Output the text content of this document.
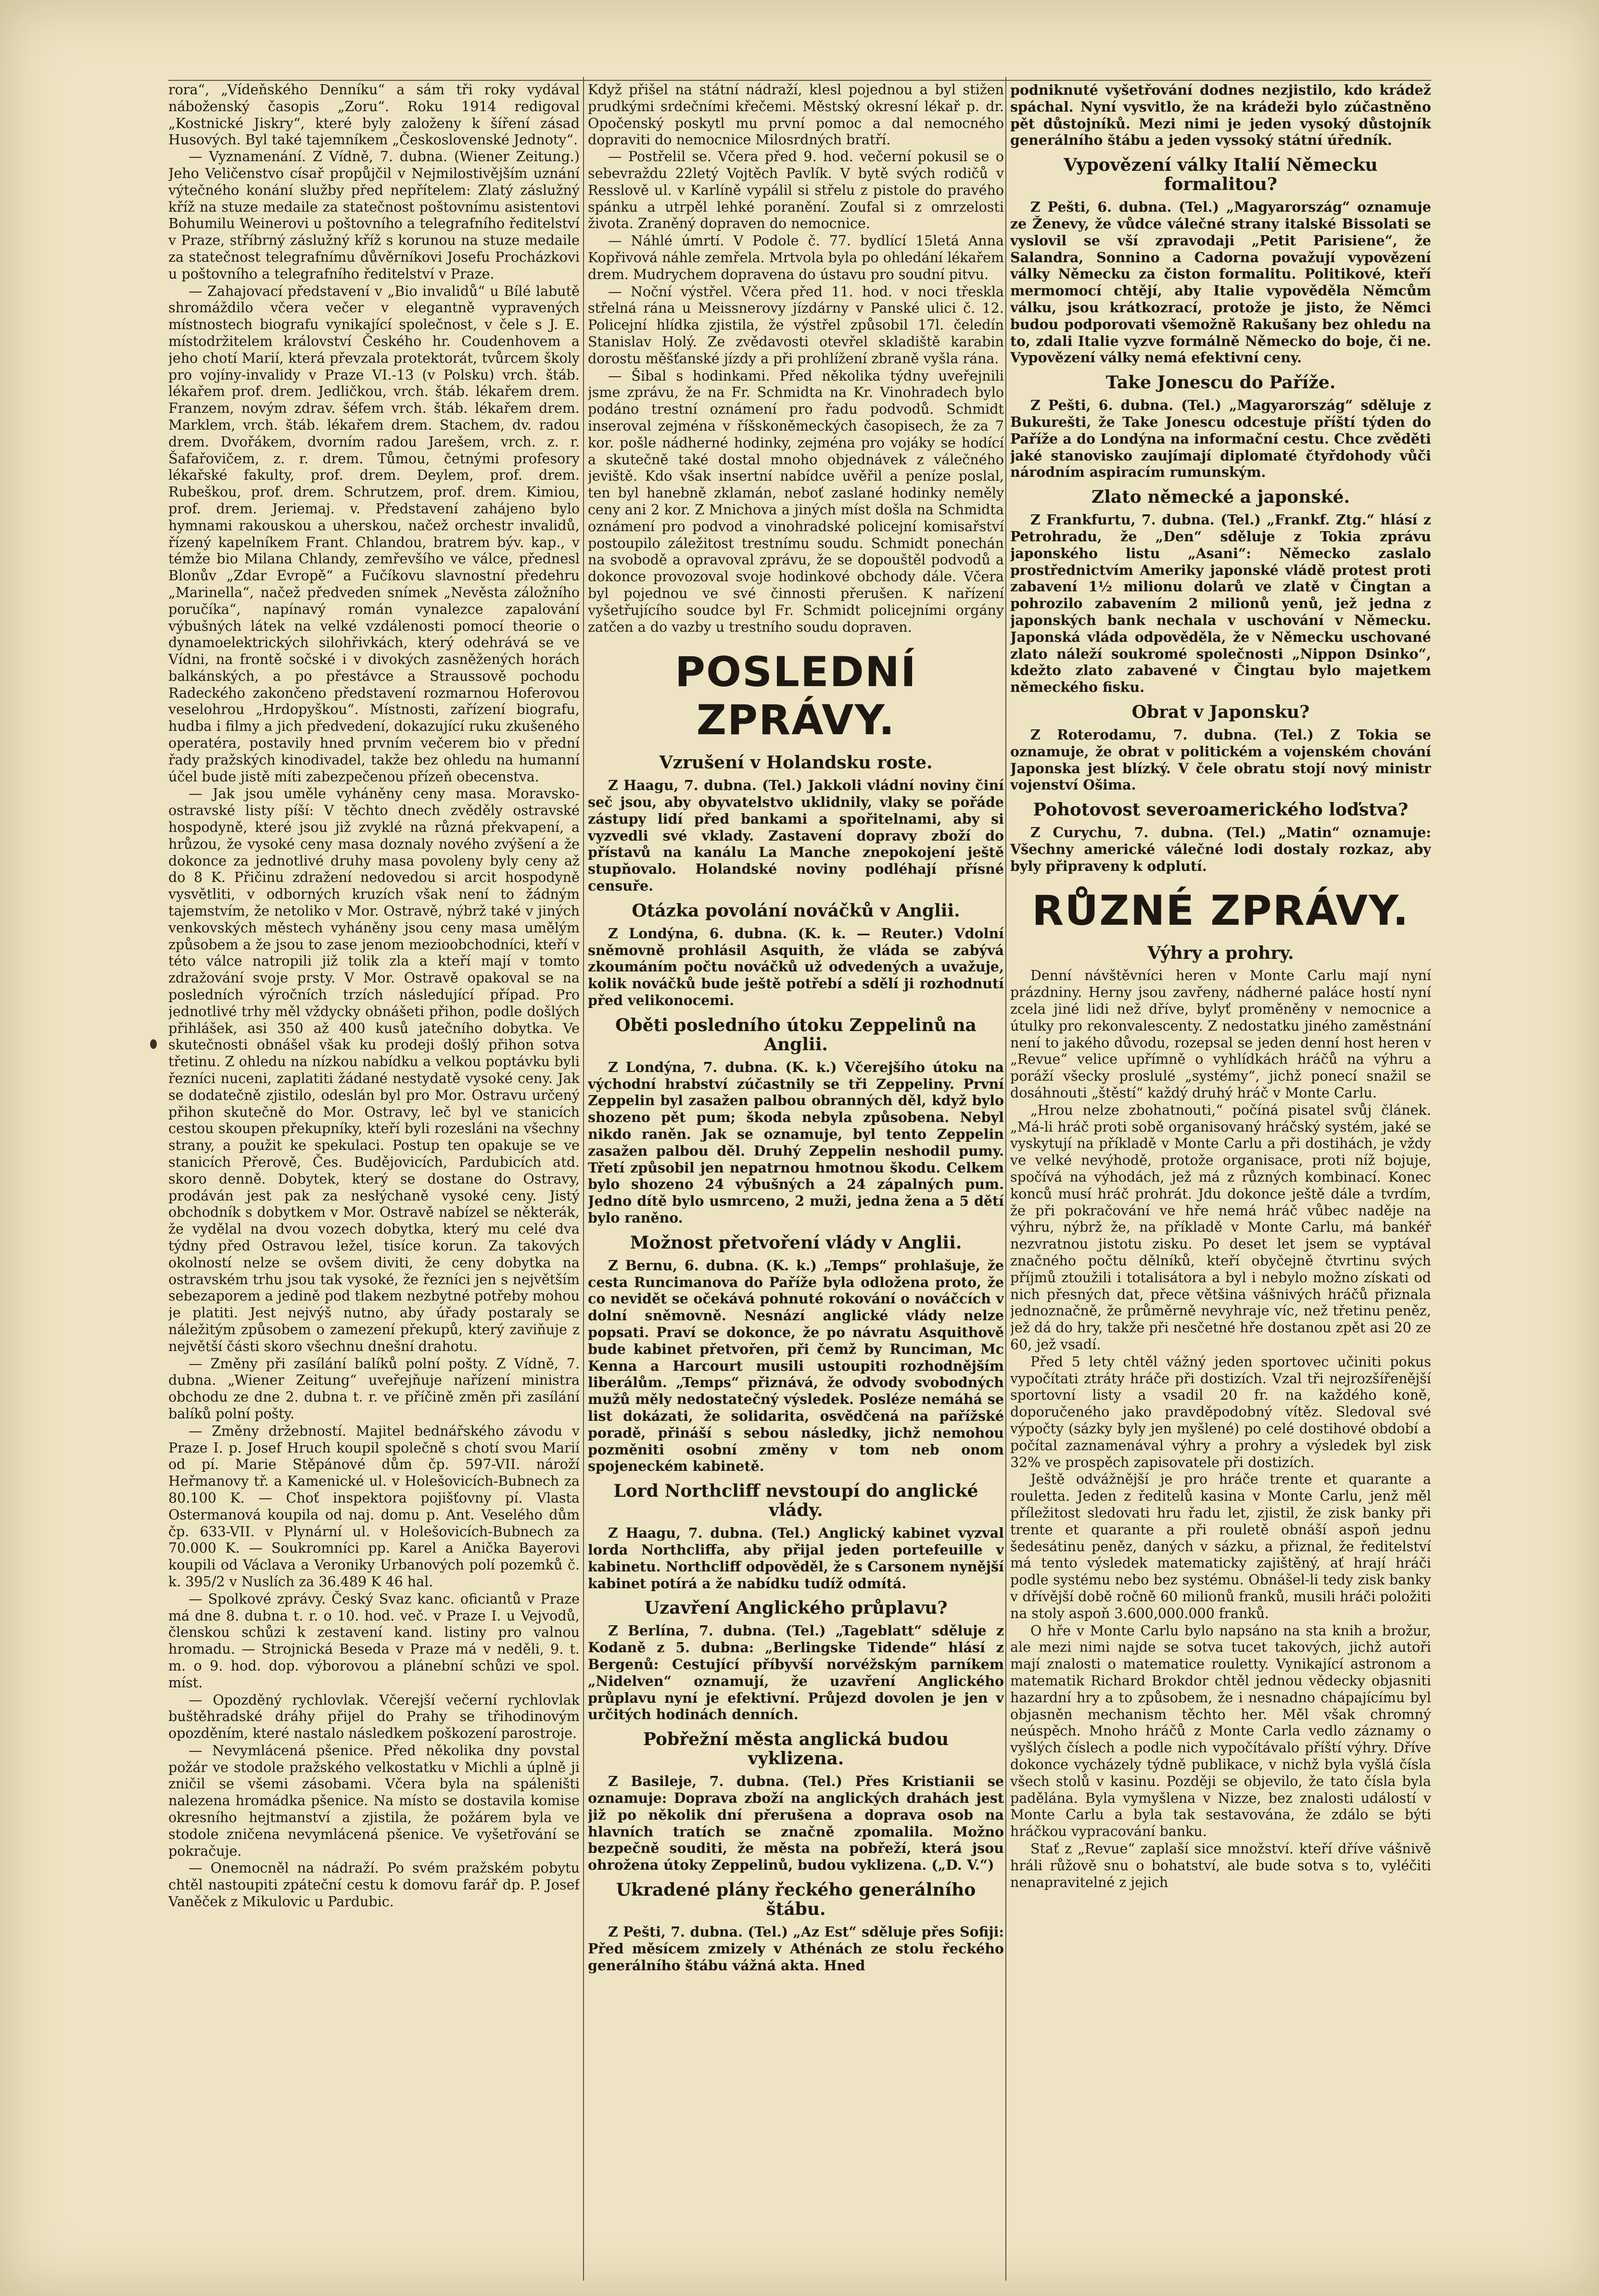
rora“, „Vídeňského Denníku“ a sám tři roky vydával náboženský časopis „Zoru“. Roku 1914 redigoval „Kostnické Jiskry“, které byly založeny k šíření zásad Husových. Byl také tajemníkem „Československé Jednoty“.

— Vyznamenání. Z Vídně, 7. dubna. (Wiener Zeitung.) Jeho Veličenstvo císař propůjčil v Nejmilostivějším uznání výtečného konání služby před nepřítelem: Zlatý záslužný kříž na stuze medaile za statečnost poštovnímu asistentovi Bohumilu Weinerovi u poštovního a telegrafního ředitelství v Praze, stříbrný záslužný kříž s korunou na stuze medaile za statečnost telegrafnímu důvěrníkovi Josefu Procházkovi u poštovního a telegrafního ředitelství v Praze.

— Zahajovací představení v „Bio invalidů“ u Bílé labutě shromáždilo včera večer v elegantně vypravených místnostech biografu vynikající společnost, v čele s J. E. místodržitelem království Českého hr. Coudenhovem a jeho chotí Marií, která převzala protektorát, tvůrcem školy pro vojíny-invalidy v Praze VI.-13 (v Polsku) vrch. štáb. lékařem prof. drem. Jedličkou, vrch. štáb. lékařem drem. Franzem, novým zdrav. šéfem vrch. štáb. lékařem drem. Marklem, vrch. štáb. lékařem drem. Stachem, dv. radou drem. Dvořákem, dvorním radou Jarešem, vrch. z. r. Šafařovičem, z. r. drem. Tůmou, četnými profesory lékařské fakulty, prof. drem. Deylem, prof. drem. Rubeškou, prof. drem. Schrutzem, prof. drem. Kimiou, prof. drem. Jeriemaj. v. Představení zahájeno bylo hymnami rakouskou a uherskou, načež orchestr invalidů, řízený kapelníkem Frant. Chlandou, bratrem býv. kap., v témže bio Milana Chlandy, zemřevšího ve válce, přednesl Blonův „Zdar Evropě“ a Fučíkovu slavnostní předehru „Marinella“, načež předveden snímek „Nevěsta záložního poručíka“, napínavý román vynalezce zapalování výbušných látek na velké vzdálenosti pomocí theorie o dynamoelektrických silohřivkách, který odehrává se ve Vídni, na frontě sočské i v divokých zasněžených horách balkánských, a po přestávce a Straussově pochodu Radeckého zakončeno představení rozmarnou Hoferovou veselohrou „Hrdopyškou“. Místnosti, zařízení biografu, hudba i filmy a jich předvedení, dokazující ruku zkušeného operatéra, postavily hned prvním večerem bio v přední řady pražských kinodivadel, takže bez ohledu na humanní účel bude jistě míti zabezpečenou přízeň obecenstva.

— Jak jsou uměle vyháněny ceny masa. Moravsko-ostravské listy píší: V těchto dnech zvěděly ostravské hospodyně, které jsou již zvyklé na různá překvapení, a hrůzou, že vysoké ceny masa doznaly nového zvýšení a že dokonce za jednotlivé druhy masa povoleny byly ceny až do 8 K. Přičinu zdražení nedovedou si arcit hospodyně vysvětliti, v odborných kruzích však není to žádným tajemstvím, že netoliko v Mor. Ostravě, nýbrž také v jiných venkovských městech vyháněny jsou ceny masa umělým způsobem a že jsou to zase jenom mezioobchodníci, kteří v této válce natropili již tolik zla a kteří mají v tomto zdražování svoje prsty. V Mor. Ostravě opakoval se na posledních výročních trzích následující případ. Pro jednotlivé trhy měl vždycky obnášeti přihon, podle došlých přihlášek, asi 350 až 400 kusů jatečního dobytka. Ve skutečnosti obnášel však ku prodeji došlý přihon sotva třetinu. Z ohledu na nízkou nabídku a velkou poptávku byli řezníci nuceni, zaplatiti žádané nestydatě vysoké ceny. Jak se dodatečně zjistilo, odeslán byl pro Mor. Ostravu určený přihon skutečně do Mor. Ostravy, leč byl ve stanicích cestou skoupen překupníky, kteří byli rozesláni na všechny strany, a použit ke spekulaci. Postup ten opakuje se ve stanicích Přerově, Čes. Budějovicích, Pardubicích atd. skoro denně. Dobytek, který se dostane do Ostravy, prodáván jest pak za nesłýchaně vysoké ceny. Jistý obchodník s dobytkem v Mor. Ostravě nabízel se některák, že vydělal na dvou vozech dobytka, který mu celé dva týdny před Ostravou ležel, tisíce korun. Za takových okolností nelze se ovšem diviti, že ceny dobytka na ostravském trhu jsou tak vysoké, že řezníci jen s největším sebezaporem a jedině pod tlakem nezbytné potřeby mohou je platiti. Jest nejvýš nutno, aby úřady postaraly se náležitým způsobem o zamezení překupů, který zaviňuje z největší části skoro všechnu dnešní drahotu.

— Změny při zasílání balíků polní pošty. Z Vídně, 7. dubna. „Wiener Zeitung“ uveřejňuje nařízení ministra obchodu ze dne 2. dubna t. r. ve příčině změn při zasílání balíků polní pošty.

— Změny držebností. Majitel bednářského závodu v Praze I. p. Josef Hruch koupil společně s chotí svou Marií od pí. Marie Stěpánové dům čp. 597-VII. nároží Heřmanovy tř. a Kamenické ul. v Holešovicích-Bubnech za 80.100 K. — Choť inspektora pojišťovny pí. Vlasta Ostermanová koupila od naj. domu p. Ant. Veselého dům čp. 633-VII. v Plynární ul. v Holešovicích-Bubnech za 70.000 K. — Soukromníci pp. Karel a Anička Bayerovi koupili od Václava a Veroniky Urbanových polí pozemků č. k. 395/2 v Nuslích za 36.489 K 46 hal.

— Spolkové zprávy. Český Svaz kanc. oficiantů v Praze má dne 8. dubna t. r. o 10. hod. več. v Praze I. u Vejvodů, členskou schůzi k zestavení kand. listiny pro valnou hromadu. — Strojnická Beseda v Praze má v neděli, 9. t. m. o 9. hod. dop. výborovou a plánební schůzi ve spol. míst.

— Opozděný rychlovlak. Včerejší večerní rychlovlak buštěhradské dráhy přijel do Prahy se třihodinovým opozděním, které nastalo následkem poškození parostroje.

— Nevymlácená pšenice. Před několika dny povstal požár ve stodole pražského velkostatku v Michli a úplně ji zničil se všemi zásobami. Včera byla na spáleništi nalezena hromádka pšenice. Na místo se dostavila komise okresního hejtmanství a zjistila, že požárem byla ve stodole zničena nevymlácená pšenice. Ve vyšetřování se pokračuje.

— Onemocněl na nádraží. Po svém pražském pobytu chtěl nastoupiti zpáteční cestu k domovu farář dp. P. Josef Vaněček z Mikulovic u Pardubic.

Když přišel na státní nádraží, klesl pojednou a byl stižen prudkými srdečními křečemi. Městský okresní lékař p. dr. Opočenský poskytl mu první pomoc a dal nemocného dopraviti do nemocnice Milosrdných bratří.

— Postřelil se. Včera před 9. hod. večerní pokusil se o sebevraždu 22letý Vojtěch Pavlík. V bytě svých rodičů v Resslově ul. v Karlíně vypálil si střelu z pistole do pravého spánku a utrpěl lehké poranění. Zoufal si z omrzelosti života. Zraněný dopraven do nemocnice.

— Náhlé úmrtí. V Podole č. 77. bydlící 15letá Anna Kopřivová náhle zemřela. Mrtvola byla po ohledání lékařem drem. Mudrychem dopravena do ústavu pro soudní pitvu.

— Noční výstřel. Včera před 11. hod. v noci třeskla střelná rána u Meissnerovy jízdárny v Panské ulici č. 12. Policejní hlídka zjistila, že výstřel způsobil 17l. čeledín Stanislav Holý. Ze zvědavosti otevřel skladiště karabin dorostu měšťanské jízdy a při prohlížení zbraně vyšla rána.

— Šibal s hodinkami. Před několika týdny uveřejnili jsme zprávu, že na Fr. Schmidta na Kr. Vinohradech bylo podáno trestní oznámení pro řadu podvodů. Schmidt inseroval zejména v říšskoněmeckých časopisech, že za 7 kor. pošle nádherné hodinky, zejména pro vojáky se hodící a skutečně také dostal mnoho objednávek z válečného jeviště. Kdo však insertní nabídce uvěřil a peníze poslal, ten byl hanebně zklamán, neboť zaslané hodinky neměly ceny ani 2 kor. Z Mnichova a jiných míst došla na Schmidta oznámení pro podvod a vinohradské policejní komisařství postoupilo záležitost trestnímu soudu. Schmidt ponechán na svobodě a opravoval zprávu, že se dopouštěl podvodů a dokonce provozoval svoje hodinkové obchody dále. Včera byl pojednou ve své činnosti přerušen. K nařízení vyšetřujícího soudce byl Fr. Schmidt policejními orgány zatčen a do vazby u trestního soudu dopraven.

POSLEDNÍ ZPRÁVY.
Vzrušení v Holandsku roste.

Z Haagu, 7. dubna. (Tel.) Jakkoli vládní noviny činí seč jsou, aby obyvatelstvo uklidnily, vlaky se pořáde zástupy lidí před bankami a spořitelnami, aby si vyzvedli své vklady. Zastavení dopravy zboží do přístavů na kanálu La Manche znepokojení ještě stupňovalo. Holandské noviny podléhají přísné censuře.

Otázka povolání nováčků v Anglii.

Z Londýna, 6. dubna. (K. k. — Reuter.) Vdolní sněmovně prohlásil Asquith, že vláda se zabývá zkoumáním počtu nováčků už odvedených a uvažuje, kolik nováčků bude ještě potřebí a sdělí ji rozhodnutí před velikonocemi.

Oběti posledního útoku Zeppelinů na Anglii.

Z Londýna, 7. dubna. (K. k.) Včerejšího útoku na východní hrabství zúčastnily se tři Zeppeliny. První Zeppelin byl zasažen palbou obranných děl, když bylo shozeno pět pum; škoda nebyla způsobena. Nebyl nikdo raněn. Jak se oznamuje, byl tento Zeppelin zasažen palbou děl. Druhý Zeppelin neshodil pumy. Třetí způsobil jen nepatrnou hmotnou škodu. Celkem bylo shozeno 24 výbušných a 24 zápalných pum. Jedno dítě bylo usmrceno, 2 muži, jedna žena a 5 dětí bylo raněno.

Možnost přetvoření vlády v Anglii.

Z Bernu, 6. dubna. (K. k.) „Temps“ prohlašuje, že cesta Runcimanova do Paříže byla odložena proto, že co nevidět se očekává pohnuté rokování o nováčcích v dolní sněmovně. Nesnází anglické vlády nelze popsati. Praví se dokonce, že po návratu Asquithově bude kabinet přetvořen, při čemž by Runciman, Mc Kenna a Harcourt musili ustoupiti rozhodnějším liberálům. „Temps“ přiznává, že odvody svobodných mužů měly nedostatečný výsledek. Posléze nemáhá se list dokázati, že solidarita, osvědčená na pařížské poradě, přináší s sebou následky, jichž nemohou pozměniti osobní změny v tom neb onom spojeneckém kabinetě.

Lord Northcliff nevstoupí do anglické vlády.

Z Haagu, 7. dubna. (Tel.) Anglický kabinet vyzval lorda Northcliffa, aby přijal jeden portefeuille v kabinetu. Northcliff odpověděl, že s Carsonem nynější kabinet potírá a že nabídku tudíž odmítá.

Uzavření Anglického průplavu?

Z Berlína, 7. dubna. (Tel.) „Tageblatt“ sděluje z Kodaně z 5. dubna: „Berlingske Tidende“ hlásí z Bergenů: Cestující příbyvší norvéžským parníkem „Nidelven“ oznamují, že uzavření Anglického průplavu nyní je efektivní. Průjezd dovolen je jen v určitých hodinách denních.

Pobřežní města anglická budou vyklizena.

Z Basileje, 7. dubna. (Tel.) Přes Kristianii se oznamuje: Doprava zboží na anglických drahách jest již po několik dní přerušena a doprava osob na hlavních tratích se značně zpomalila. Možno bezpečně souditi, že města na pobřeží, která jsou ohrožena útoky Zeppelinů, budou vyklizena. („D. V.“)

Ukradené plány řeckého generálního štábu.

Z Pešti, 7. dubna. (Tel.) „Az Est“ sděluje přes Sofiji: Před měsícem zmizely v Athénách ze stolu řeckého generálního štábu vážná akta. Hned

podniknuté vyšetřování dodnes nezjistilo, kdo krádež spáchal. Nyní vysvitlo, že na krádeži bylo zúčastněno pět důstojníků. Mezi nimi je jeden vysoký důstojník generálního štábu a jeden vyssoký státní úředník.

Vypovězení války Italií Německu formalitou?

Z Pešti, 6. dubna. (Tel.) „Magyarország“ oznamuje ze Ženevy, že vůdce válečné strany italské Bissolati se vyslovil se vší zpravodaji „Petit Parisiene“, že Salandra, Sonnino a Cadorna považují vypovězení války Německu za čiston formalitu. Politikové, kteří mermomocí chtějí, aby Italie vypověděla Němcům válku, jsou krátkozrací, protože je jisto, že Němci budou podporovati všemožně Rakušany bez ohledu na to, zdali Italie vyzve formálně Německo do boje, či ne. Vypovězení války nemá efektivní ceny.

Take Jonescu do Paříže.

Z Pešti, 6. dubna. (Tel.) „Magyarország“ sděluje z Bukurešti, že Take Jonescu odcestuje příští týden do Paříže a do Londýna na informační cestu. Chce zvěděti jaké stanovisko zaujímají diplomaté čtyřdohody vůči národním aspiracím rumunským.

Zlato německé a japonské.

Z Frankfurtu, 7. dubna. (Tel.) „Frankf. Ztg.“ hlásí z Petrohradu, že „Den“ sděluje z Tokia zprávu japonského listu „Asani“: Německo zaslalo prostřednictvím Ameriky japonské vládě protest proti zabavení 1½ milionu dolarů ve zlatě v Čingtan a pohrozilo zabavením 2 milionů yenů, jež jedna z japonských bank nechala v uschování v Německu. Japonská vláda odpověděla, že v Německu uschované zlato náleží soukromé společnosti „Nippon Dsinko“, kdežto zlato zabavené v Čingtau bylo majetkem německého fisku.

Obrat v Japonsku?

Z Roterodamu, 7. dubna. (Tel.) Z Tokia se oznamuje, že obrat v politickém a vojenském chování Japonska jest blízký. V čele obratu stojí nový ministr vojenství Ošima.

Pohotovost severoamerického loďstva?

Z Curychu, 7. dubna. (Tel.) „Matin“ oznamuje: Všechny americké válečné lodi dostaly rozkaz, aby byly připraveny k odplutí.

RŮZNÉ ZPRÁVY.
Výhry a prohry.

Denní návštěvníci heren v Monte Carlu mají nyní prázdniny. Herny jsou zavřeny, nádherné paláce hostí nyní zcela jiné lidi než dříve, bylyť proměněny v nemocnice a útulky pro rekonvalescenty. Z nedostatku jiného zaměstnání není to jakého důvodu, rozepsal se jeden denní host heren v „Revue“ velice upřímně o vyhlídkách hráčů na výhru a poráží všecky proslulé „systémy“, jichž ponecí snažil se dosáhnouti „štěstí“ každý druhý hráč v Monte Carlu.

„Hrou nelze zbohatnouti,“ počíná pisatel svůj článek. „Má-li hráč proti sobě organisovaný hráčský systém, jaké se vyskytují na příkladě v Monte Carlu a při dostihách, je vždy ve velké nevýhodě, protože organisace, proti níž bojuje, spočívá na výhodách, jež má z různých kombinací. Konec konců musí hráč prohrát. Jdu dokonce ještě dále a tvrdím, že při pokračování ve hře nemá hráč vůbec naděje na výhru, nýbrž že, na příkladě v Monte Carlu, má bankéř nezvratnou jistotu zisku. Po deset let jsem se vyptával značného počtu dělníků, kteří obyčejně čtvrtinu svých příjmů ztoužili i totalisátora a byl i nebylo možno získati od nich přesných dat, přece většina vášnivých hráčů přiznala jednoznačně, že průměrně nevyhraje víc, než třetinu peněz, jež dá do hry, takže při nesčetné hře dostanou zpět asi 20 ze 60, jež vsadí.

Před 5 lety chtěl vážný jeden sportovec učiniti pokus vypočítati ztráty hráče při dostizích. Vzal tři nejrozšířenější sportovní listy a vsadil 20 fr. na každého koně, doporučeného jako pravděpodobný vítěz. Sledoval své výpočty (sázky byly jen myšlené) po celé dostihové období a počítal zaznamenával výhry a prohry a výsledek byl zisk 32% ve prospěch zapisovatele při dostizích.

Ještě odvážnější je pro hráče trente et quarante a rouletta. Jeden z ředitelů kasina v Monte Carlu, jenž měl příležitost sledovati hru řadu let, zjistil, že zisk banky při trente et quarante a při rouletě obnáší aspoň jednu šedesátinu peněz, daných v sázku, a přiznal, že ředitelství má tento výsledek matematicky zajištěný, ať hrají hráči podle systému nebo bez systému. Obnášel-li tedy zisk banky v dřívější době ročně 60 milionů franků, musili hráči položiti na stoly aspoň 3.600,000.000 franků.

O hře v Monte Carlu bylo napsáno na sta knih a brožur, ale mezi nimi najde se sotva tucet takových, jichž autoři mají znalosti o matematice rouletty. Vynikající astronom a matematik Richard Brokdor chtěl jednou vědecky objasniti hazardní hry a to způsobem, že i nesnadno chápajícímu byl objasněn mechanism těchto her. Měl však chromný neúspěch. Mnoho hráčů z Monte Carla vedlo záznamy o vyšlých číslech a podle nich vypočítávalo příští výhry. Dříve dokonce vycházely týdně publikace, v nichž byla vyšlá čísla všech stolů v kasinu. Později se objevilo, že tato čísla byla padělána. Byla vymyšlena v Nizze, bez znalosti událostí v Monte Carlu a byla tak sestavována, že zdálo se býti hráčkou vypracování banku.

Stať z „Revue“ zaplaší sice množství. kteří dříve vášnivě hráli růžově snu o bohatství, ale bude sotva s to, vyléčiti nenapravitelné z jejich
